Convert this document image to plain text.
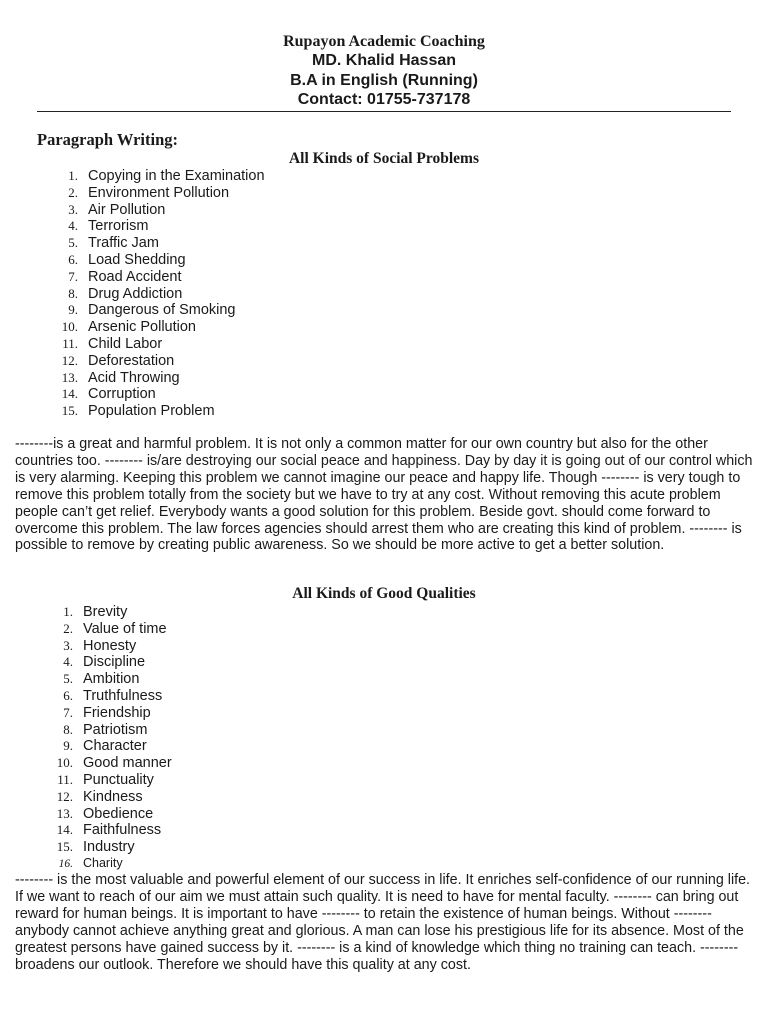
Rupayon Academic Coaching
MD. Khalid Hassan
B.A in English (Running)
Contact: 01755-737178
Paragraph Writing:
All Kinds of Social Problems
1. Copying in the Examination
2. Environment Pollution
3. Air Pollution
4. Terrorism
5. Traffic Jam
6. Load Shedding
7. Road Accident
8. Drug Addiction
9. Dangerous of Smoking
10. Arsenic Pollution
11. Child Labor
12. Deforestation
13. Acid Throwing
14. Corruption
15. Population Problem

--------is a great and harmful problem. It is not only a common matter for our own country but also for the other countries too. -------- is/are destroying our social peace and happiness. Day by day it is going out of our control which is very alarming. Keeping this problem we cannot imagine our peace and happy life. Though -------- is very tough to remove this problem totally from the society but we have to try at any cost. Without removing this acute problem people can’t get relief. Everybody wants a good solution for this problem. Beside govt. should come forward to overcome this problem. The law forces agencies should arrest them who are creating this kind of problem. -------- is possible to remove by creating public awareness. So we should be more active to get a better solution.

All Kinds of Good Qualities
1. Brevity
2. Value of time
3. Honesty
4. Discipline
5. Ambition
6. Truthfulness
7. Friendship
8. Patriotism
9. Character
10. Good manner
11. Punctuality
12. Kindness
13. Obedience
14. Faithfulness
15. Industry
16. Charity

-------- is the most valuable and powerful element of our success in life. It enriches self-confidence of our running life. If we want to reach of our aim we must attain such quality. It is need to have for mental faculty. -------- can bring out reward for human beings. It is important to have -------- to retain the existence of human beings. Without -------- anybody cannot achieve anything great and glorious. A man can lose his prestigious life for its absence. Most of the greatest persons have gained success by it. -------- is a kind of knowledge which thing no training can teach. -------- broadens our outlook. Therefore we should have this quality at any cost.
